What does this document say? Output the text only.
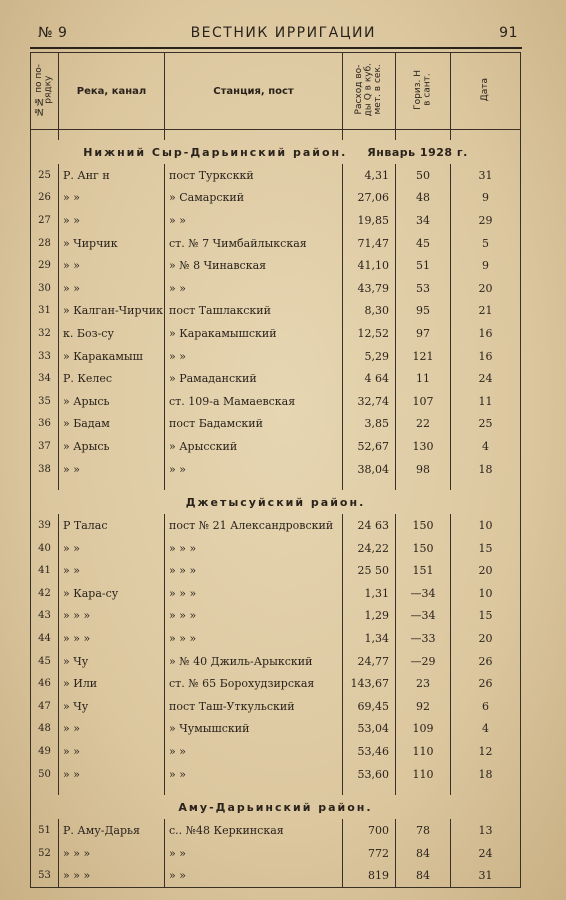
№ 9	ВЕСТНИК ИРРИГАЦИИ	91
№№ по по-
рядку	Река, канал	Станция, пост	Расход во-
ды Q в куб.
мет. в сек.	Гориз. Н
в сант.	Дата

Нижний Сыр-Дарьинский район. Январь 1928 г.					
25	Р. Анг н	пост Турксккй	4,31	50	31
26	» »	» Самарский	27,06	48	9
27	» »	» »	19,85	34	29
28	» Чирчик	ст. № 7 Чимбайлыкская	71,47	45	5
29	» »	» № 8 Чинавская	41,10	51	9
30	» »	» »	43,79	53	20
31	» Калган-Чирчик	пост Ташлакский	8,30	95	21
32	к. Боз-су	» Каракамышский	12,52	97	16
33	» Каракамыш	» »	5,29	121	16
34	Р. Келес	» Рамаданский	4 64	11	24
35	» Арысь	ст. 109-а Мамаевская	32,74	107	11
36	» Бадам	пост Бадамский	3,85	22	25
37	» Арысь	» Арысский	52,67	130	4
38	» »	» »	38,04	98	18

Джетысуйский район.					
39	Р Талас	пост № 21 Александровский	24 63	150	10
40	» »	» » »	24,22	150	15
41	» »	» » »	25 50	151	20
42	» Кара-су	» » »	1,31	—34	10
43	» » »	» » »	1,29	—34	15
44	» » »	» » »	1,34	—33	20
45	» Чу	» № 40 Джиль-Арыкский	24,77	—29	26
46	» Или	ст. № 65 Борохудзирская	143,67	23	26
47	» Чу	пост Таш-Уткульский	69,45	92	6
48	» »	» Чумышский	53,04	109	4
49	» »	» »	53,46	110	12
50	» »	» »	53,60	110	18

Аму-Дарьинский район.					
51	Р. Аму-Дарья	с.. №48 Керкинская	700	78	13
52	» » »	» »	772	84	24
53	» » »	» »	819	84	31
